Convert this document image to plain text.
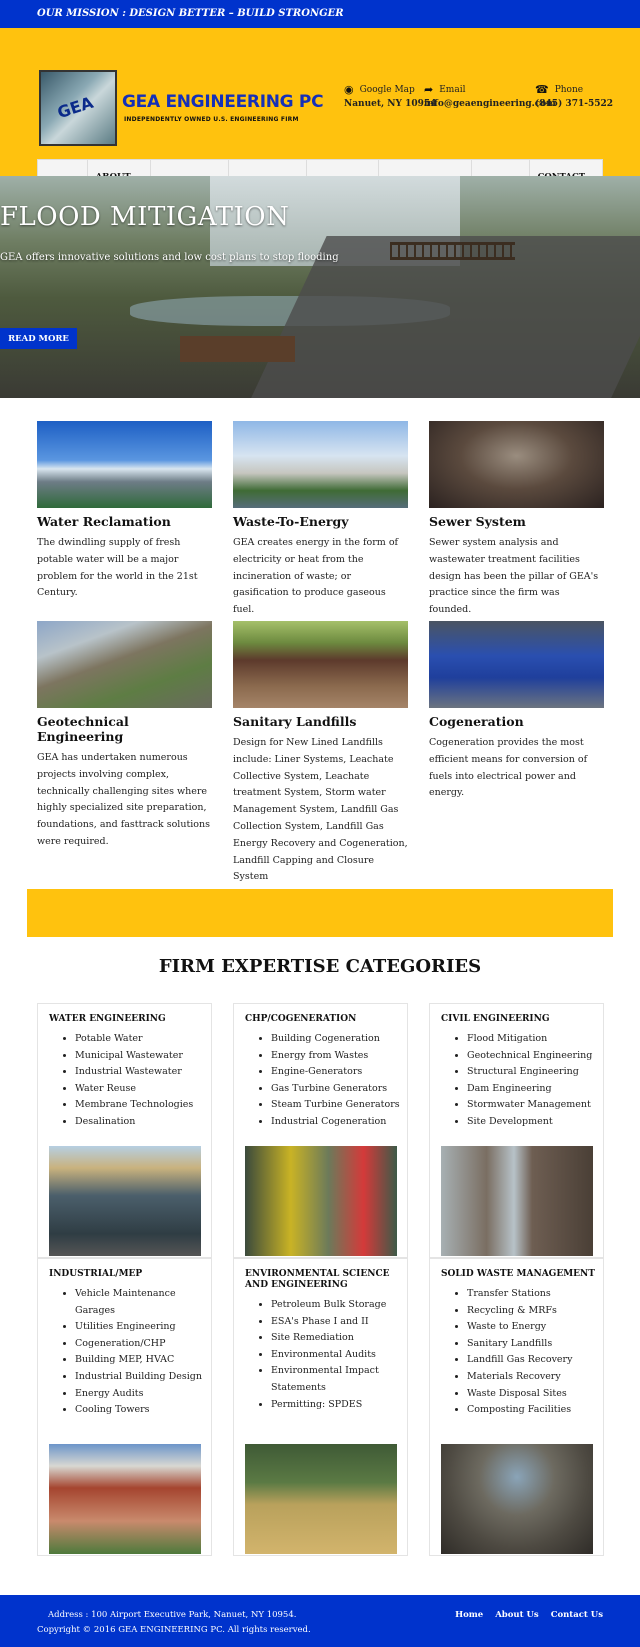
OUR MISSION : DESIGN BETTER – BUILD STRONGER
GEA GEA ENGINEERING PC
INDEPENDENTLY OWNED U.S. ENGINEERING FIRM
◉ Google Map
Nanuet, NY 10954
➦ Email
info@geaengineering.com
☎ Phone
(845) 371-5522
FLOOD MITIGATION

GEA offers innovative solutions and low cost plans to stop flooding

READ MORE
Water Reclamation

The dwindling supply of fresh potable water will be a major problem for the world in the 21st Century.

Waste-To-Energy

GEA creates energy in the form of electricity or heat from the incineration of waste; or gasification to produce gaseous fuel.

Sewer System

Sewer system analysis and wastewater treatment facilities design has been the pillar of GEA's practice since the firm was founded.

Geotechnical Engineering

GEA has undertaken numerous projects involving complex, technically challenging sites where highly specialized site preparation, foundations, and fasttrack solutions were required.

Sanitary Landfills

Design for New Lined Landfills include: Liner Systems, Leachate Collective System, Leachate treatment System, Storm water Management System, Landfill Gas Collection System, Landfill Gas Energy Recovery and Cogeneration, Landfill Capping and Closure System

Cogeneration

Cogeneration provides the most efficient means for conversion of fuels into electrical power and energy.

FIRM EXPERTISE CATEGORIES
WATER ENGINEERING
• Potable Water
• Municipal Wastewater
• Industrial Wastewater
• Water Reuse
• Membrane Technologies
• Desalination
CHP/COGENERATION
• Building Cogeneration
• Energy from Wastes
• Engine-Generators
• Gas Turbine Generators
• Steam Turbine Generators
• Industrial Cogeneration
CIVIL ENGINEERING
• Flood Mitigation
• Geotechnical Engineering
• Structural Engineering
• Dam Engineering
• Stormwater Management
• Site Development
INDUSTRIAL/MEP
• Vehicle Maintenance Garages
• Utilities Engineering
• Cogeneration/CHP
• Building MEP, HVAC
• Industrial Building Design
• Energy Audits
• Cooling Towers
ENVIRONMENTAL SCIENCE AND ENGINEERING
• Petroleum Bulk Storage
• ESA's Phase I and II
• Site Remediation
• Environmental Audits
• Environmental Impact Statements
• Permitting: SPDES
SOLID WASTE MANAGEMENT
• Transfer Stations
• Recycling & MRFs
• Waste to Energy
• Sanitary Landfills
• Landfill Gas Recovery
• Materials Recovery
• Waste Disposal Sites
• Composting Facilities
Address : 100 Airport Executive Park, Nanuet, NY 10954.
Copyright © 2016 GEA ENGINEERING PC. All rights reserved.
Home About Us Contact Us
